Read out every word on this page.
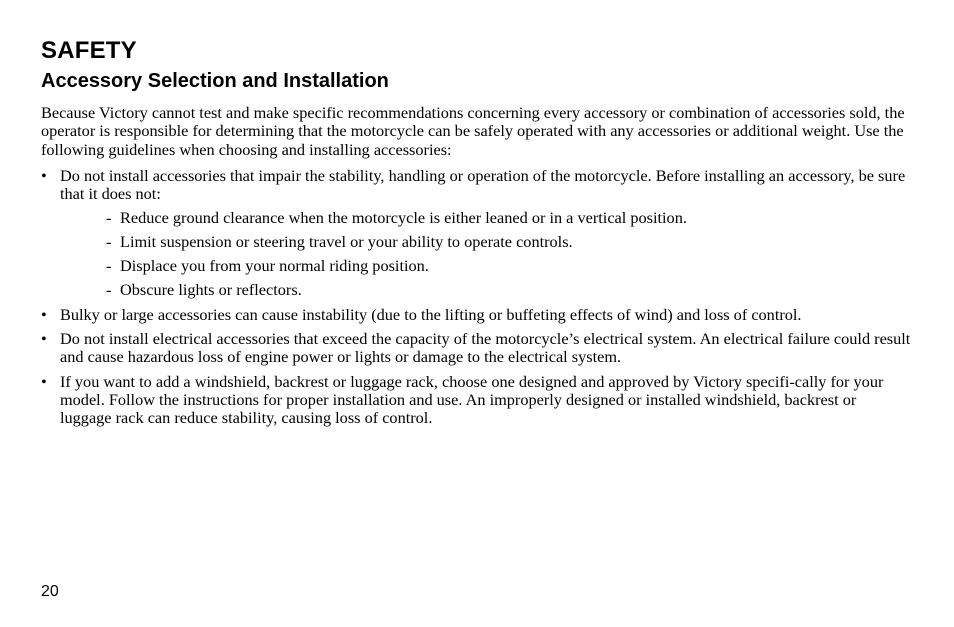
SAFETY
Accessory Selection and Installation

Because Victory cannot test and make specific recommendations concerning every accessory or combination of accessories sold, the operator is responsible for determining that the motorcycle can be safely operated with any accessories or additional weight. Use the following guidelines when choosing and installing accessories:

• Do not install accessories that impair the stability, handling or operation of the motorcycle. Before installing an accessory, be sure that it does not:
- Reduce ground clearance when the motorcycle is either leaned or in a vertical position.
- Limit suspension or steering travel or your ability to operate controls.
- Displace you from your normal riding position.
- Obscure lights or reflectors.
• Bulky or large accessories can cause instability (due to the lifting or buffeting effects of wind) and loss of control.
• Do not install electrical accessories that exceed the capacity of the motorcycle’s electrical system. An electrical failure could result and cause hazardous loss of engine power or lights or damage to the electrical system.
• If you want to add a windshield, backrest or luggage rack, choose one designed and approved by Victory specifi-cally for your model. Follow the instructions for proper installation and use. An improperly designed or installed windshield, backrest or luggage rack can reduce stability, causing loss of control.

20
